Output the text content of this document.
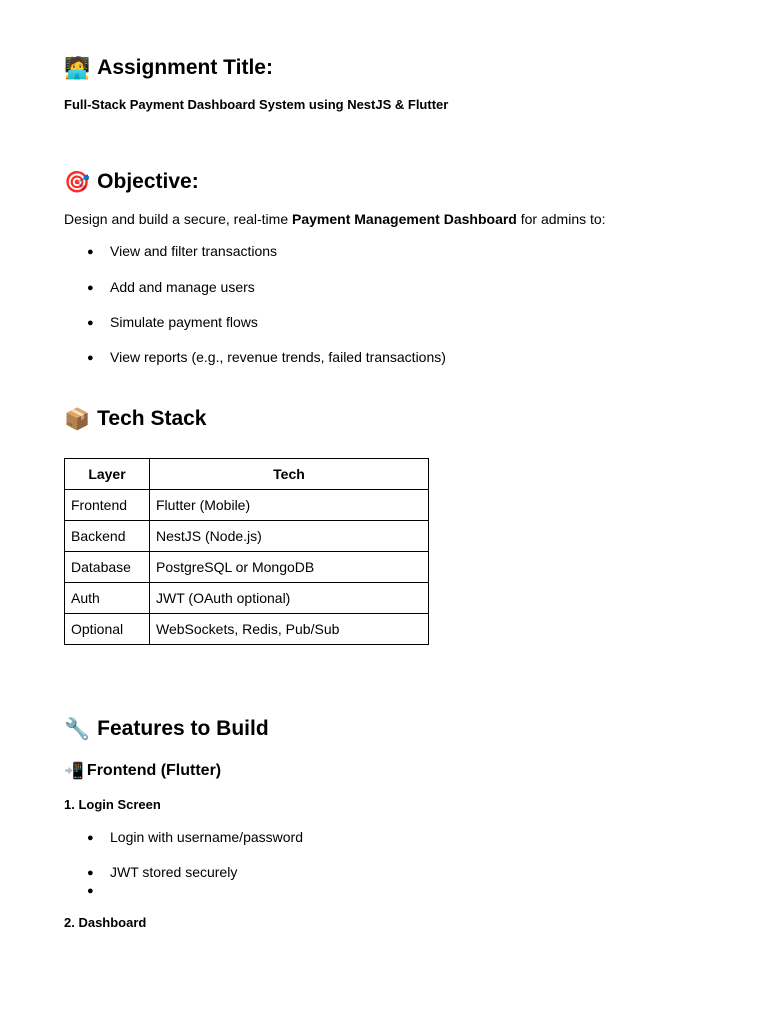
🧑‍💻 Assignment Title:
Full-Stack Payment Dashboard System using NestJS & Flutter
🎯 Objective:
Design and build a secure, real-time Payment Management Dashboard for admins to:
● View and filter transactions
● Add and manage users
● Simulate payment flows
● View reports (e.g., revenue trends, failed transactions)
📦 Tech Stack
Layer	Tech
Frontend	Flutter (Mobile)
Backend	NestJS (Node.js)
Database	PostgreSQL or MongoDB
Auth	JWT (OAuth optional)
Optional	WebSockets, Redis, Pub/Sub
🔧 Features to Build
📲 Frontend (Flutter)
1. Login Screen
● Login with username/password
● JWT stored securely
●
2. Dashboard
